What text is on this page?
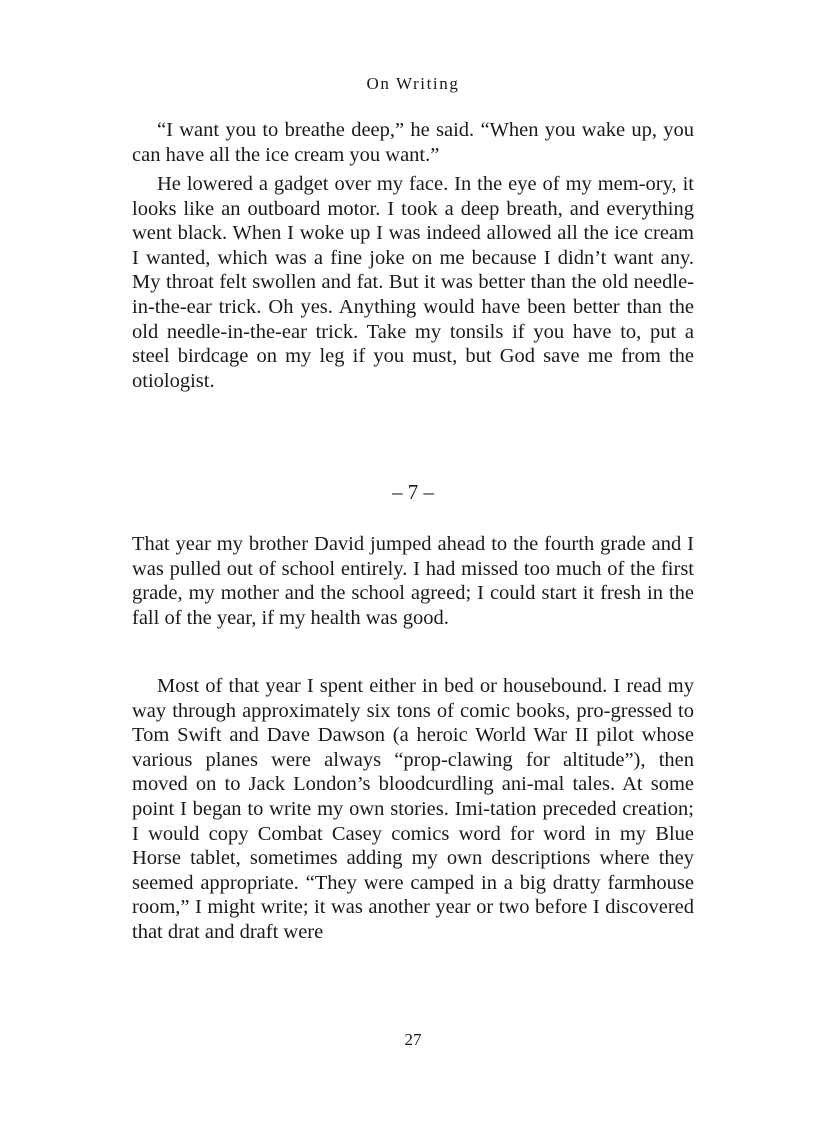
On Writing

“I want you to breathe deep,” he said. “When you wake up, you can have all the ice cream you want.”

He lowered a gadget over my face. In the eye of my mem-ory, it looks like an outboard motor. I took a deep breath, and everything went black. When I woke up I was indeed allowed all the ice cream I wanted, which was a fine joke on me because I didn’t want any. My throat felt swollen and fat. But it was better than the old needle-in-the-ear trick. Oh yes. Anything would have been better than the old needle-in-the-ear trick. Take my tonsils if you have to, put a steel birdcage on my leg if you must, but God save me from the otiologist.

– 7 –

That year my brother David jumped ahead to the fourth grade and I was pulled out of school entirely. I had missed too much of the first grade, my mother and the school agreed; I could start it fresh in the fall of the year, if my health was good.

Most of that year I spent either in bed or housebound. I read my way through approximately six tons of comic books, pro-gressed to Tom Swift and Dave Dawson (a heroic World War II pilot whose various planes were always “prop-clawing for altitude”), then moved on to Jack London’s bloodcurdling ani-mal tales. At some point I began to write my own stories. Imi-tation preceded creation; I would copy Combat Casey comics word for word in my Blue Horse tablet, sometimes adding my own descriptions where they seemed appropriate. “They were camped in a big dratty farmhouse room,” I might write; it was another year or two before I discovered that drat and draft were

27
